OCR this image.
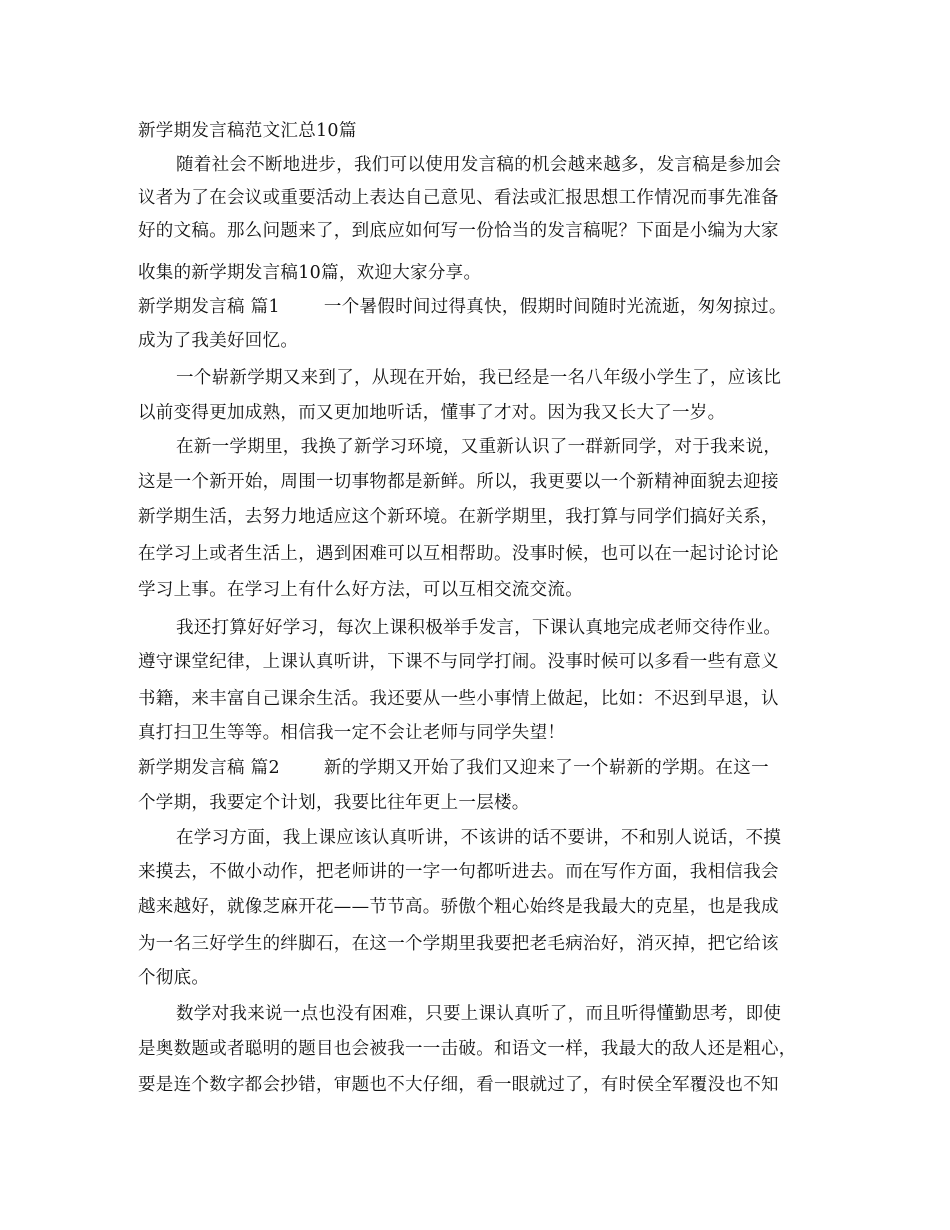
新学期发言稿范文汇总10篇
随着社会不断地进步，我们可以使用发言稿的机会越来越多，发言稿是参加会
议者为了在会议或重要活动上表达自己意见、看法或汇报思想工作情况而事先准备
好的文稿。那么问题来了，到底应如何写一份恰当的发言稿呢？下面是小编为大家
收集的新学期发言稿10篇，欢迎大家分享。
新学期发言稿 篇1	一个暑假时间过得真快，假期时间随时光流逝，匆匆掠过。
成为了我美好回忆。
一个崭新学期又来到了，从现在开始，我已经是一名八年级小学生了，应该比
以前变得更加成熟，而又更加地听话，懂事了才对。因为我又长大了一岁。
在新一学期里，我换了新学习环境，又重新认识了一群新同学，对于我来说，
这是一个新开始，周围一切事物都是新鲜。所以，我更要以一个新精神面貌去迎接
新学期生活，去努力地适应这个新环境。在新学期里，我打算与同学们搞好关系，
在学习上或者生活上，遇到困难可以互相帮助。没事时候，也可以在一起讨论讨论
学习上事。在学习上有什么好方法，可以互相交流交流。
我还打算好好学习，每次上课积极举手发言，下课认真地完成老师交待作业。
遵守课堂纪律，上课认真听讲，下课不与同学打闹。没事时候可以多看一些有意义
书籍，来丰富自己课余生活。我还要从一些小事情上做起，比如：不迟到早退，认
真打扫卫生等等。相信我一定不会让老师与同学失望！
新学期发言稿 篇2	新的学期又开始了我们又迎来了一个崭新的学期。在这一
个学期，我要定个计划，我要比往年更上一层楼。
在学习方面，我上课应该认真听讲，不该讲的话不要讲，不和别人说话，不摸
来摸去，不做小动作，把老师讲的一字一句都听进去。而在写作方面，我相信我会
越来越好，就像芝麻开花——节节高。骄傲个粗心始终是我最大的克星，也是我成
为一名三好学生的绊脚石，在这一个学期里我要把老毛病治好，消灭掉，把它给该
个彻底。
数学对我来说一点也没有困难，只要上课认真听了，而且听得懂勤思考，即使
是奥数题或者聪明的题目也会被我一一击破。和语文一样，我最大的敌人还是粗心，
要是连个数字都会抄错，审题也不大仔细，看一眼就过了，有时侯全军覆没也不知
